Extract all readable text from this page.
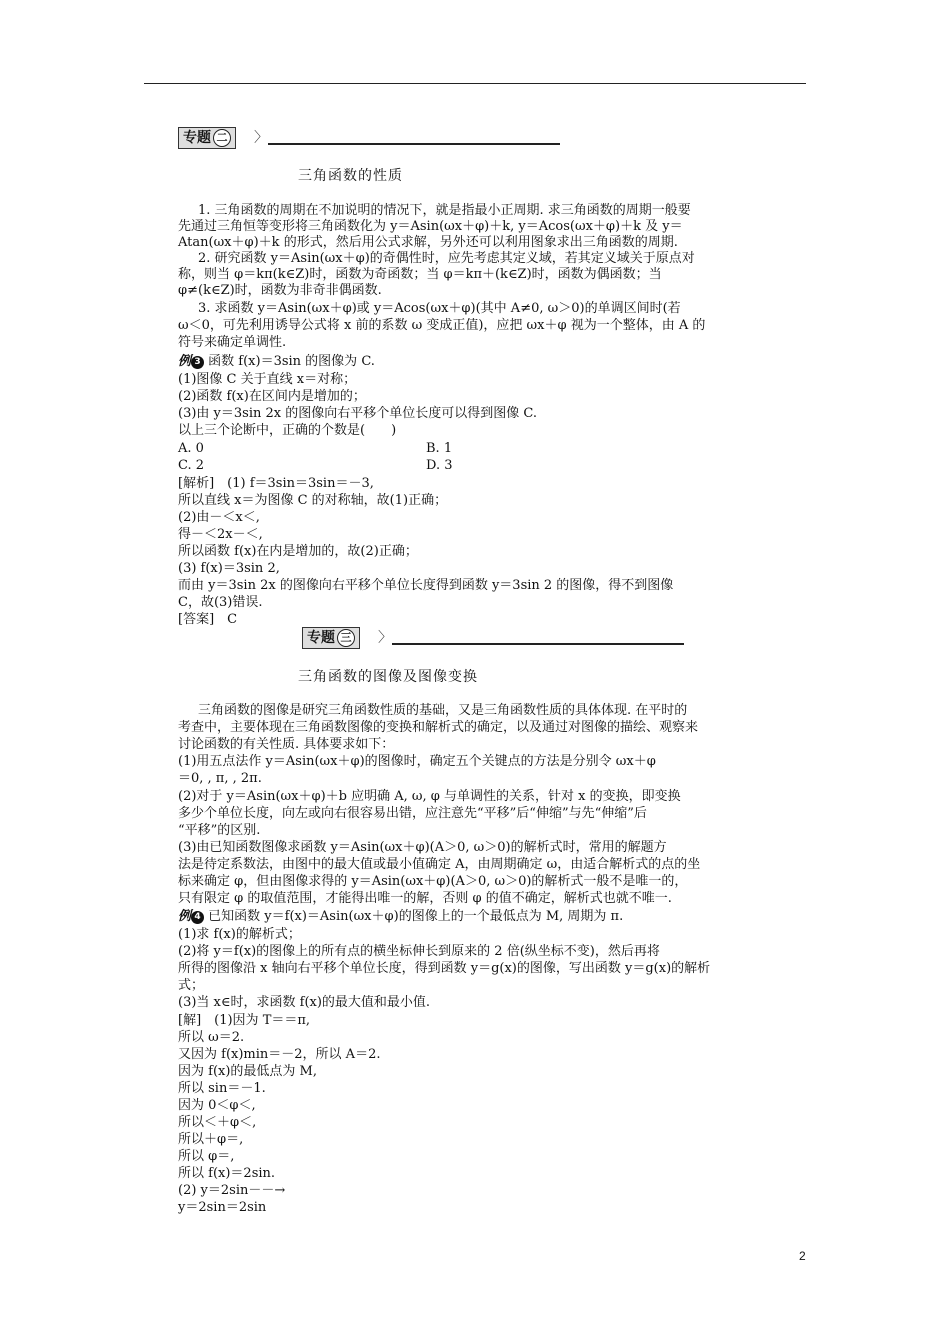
专题 二 〉
三角函数的性质
1. 三角函数的周期在不加说明的情况下，就是指最小正周期. 求三角函数的周期一般要
先通过三角恒等变形将三角函数化为 y＝Asin(ωx＋φ)＋k, y＝Acos(ωx＋φ)＋k 及 y＝
Atan(ωx＋φ)＋k 的形式，然后用公式求解，另外还可以利用图象求出三角函数的周期.
2. 研究函数 y＝Asin(ωx＋φ)的奇偶性时，应先考虑其定义域，若其定义域关于原点对
称，则当 φ＝kπ(k∈Z)时，函数为奇函数；当 φ＝kπ＋(k∈Z)时，函数为偶函数；当
φ≠(k∈Z)时，函数为非奇非偶函数.
3. 求函数 y＝Asin(ωx＋φ)或 y＝Acos(ωx＋φ)(其中 A≠0, ω＞0)的单调区间时(若
ω＜0，可先利用诱导公式将 x 前的系数 ω 变成正值)，应把 ωx＋φ 视为一个整体，由 A 的
符号来确定单调性.
例 3 函数 f(x)＝3sin 的图像为 C.
(1)图像 C 关于直线 x＝对称；
(2)函数 f(x)在区间内是增加的；
(3)由 y＝3sin 2x 的图像向右平移个单位长度可以得到图像 C.
以上三个论断中，正确的个数是(　　)
A. 0	B. 1
C. 2	D. 3
[解析]　(1) f＝3sin＝3sin＝－3,
所以直线 x＝为图像 C 的对称轴，故(1)正确；
(2)由－＜x＜,
得－＜2x－＜,
所以函数 f(x)在内是增加的，故(2)正确；
(3) f(x)＝3sin 2,
而由 y＝3sin 2x 的图像向右平移个单位长度得到函数 y＝3sin 2 的图像，得不到图像
C，故(3)错误.
[答案]　C
专题 三 〉
三角函数的图像及图像变换
三角函数的图像是研究三角函数性质的基础，又是三角函数性质的具体体现. 在平时的
考查中，主要体现在三角函数图像的变换和解析式的确定，以及通过对图像的描绘、观察来
讨论函数的有关性质. 具体要求如下：
(1)用五点法作 y＝Asin(ωx＋φ)的图像时，确定五个关键点的方法是分别令 ωx＋φ
＝0, , π, , 2π.
(2)对于 y＝Asin(ωx＋φ)＋b 应明确 A, ω, φ 与单调性的关系，针对 x 的变换，即变换
多少个单位长度，向左或向右很容易出错，应注意先“平移”后“伸缩”与先“伸缩”后
“平移”的区别.
(3)由已知函数图像求函数 y＝Asin(ωx＋φ)(A＞0, ω＞0)的解析式时，常用的解题方
法是待定系数法，由图中的最大值或最小值确定 A，由周期确定 ω，由适合解析式的点的坐
标来确定 φ，但由图像求得的 y＝Asin(ωx＋φ)(A＞0, ω＞0)的解析式一般不是唯一的，
只有限定 φ 的取值范围，才能得出唯一的解，否则 φ 的值不确定，解析式也就不唯一.
例 4 已知函数 y＝f(x)＝Asin(ωx＋φ)的图像上的一个最低点为 M, 周期为 π.
(1)求 f(x)的解析式；
(2)将 y＝f(x)的图像上的所有点的横坐标伸长到原来的 2 倍(纵坐标不变)，然后再将
所得的图像沿 x 轴向右平移个单位长度，得到函数 y＝g(x)的图像，写出函数 y＝g(x)的解析
式；
(3)当 x∈时，求函数 f(x)的最大值和最小值.
[解]　(1)因为 T＝＝π,
所以 ω＝2.
又因为 f(x)min＝－2，所以 A＝2.
因为 f(x)的最低点为 M,
所以 sin＝－1.
因为 0＜φ＜,
所以＜＋φ＜,
所以＋φ＝,
所以 φ＝,
所以 f(x)＝2sin.
(2) y＝2sin－－→
y＝2sin＝2sin
2
